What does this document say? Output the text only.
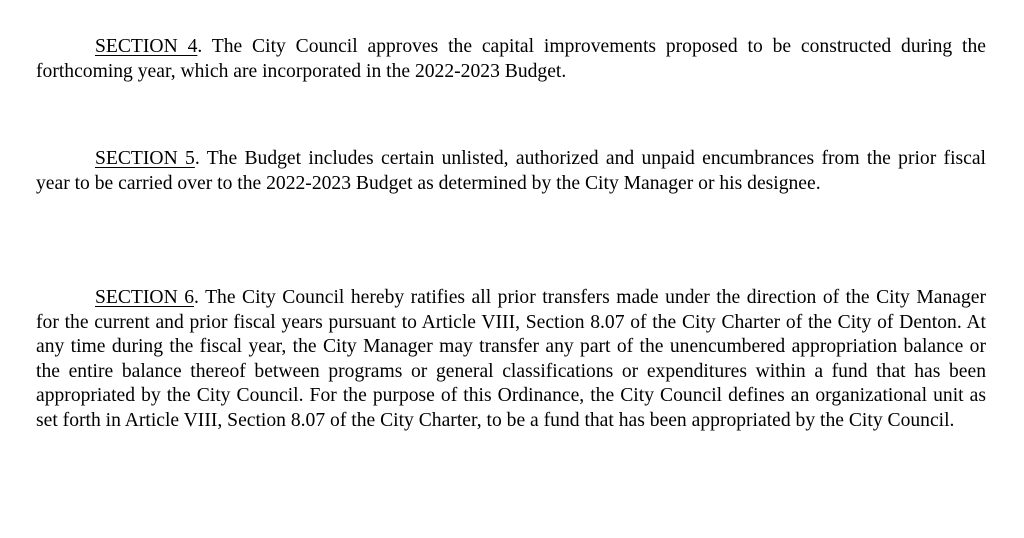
SECTION 4. The City Council approves the capital improvements proposed to be constructed during the forthcoming year, which are incorporated in the 2022-2023 Budget.

SECTION 5. The Budget includes certain unlisted, authorized and unpaid encumbrances from the prior fiscal year to be carried over to the 2022-2023 Budget as determined by the City Manager or his designee.

SECTION 6. The City Council hereby ratifies all prior transfers made under the direction of the City Manager for the current and prior fiscal years pursuant to Article VIII, Section 8.07 of the City Charter of the City of Denton. At any time during the fiscal year, the City Manager may transfer any part of the unencumbered appropriation balance or the entire balance thereof between programs or general classifications or expenditures within a fund that has been appropriated by the City Council. For the purpose of this Ordinance, the City Council defines an organizational unit as set forth in Article VIII, Section 8.07 of the City Charter, to be a fund that has been appropriated by the City Council.
